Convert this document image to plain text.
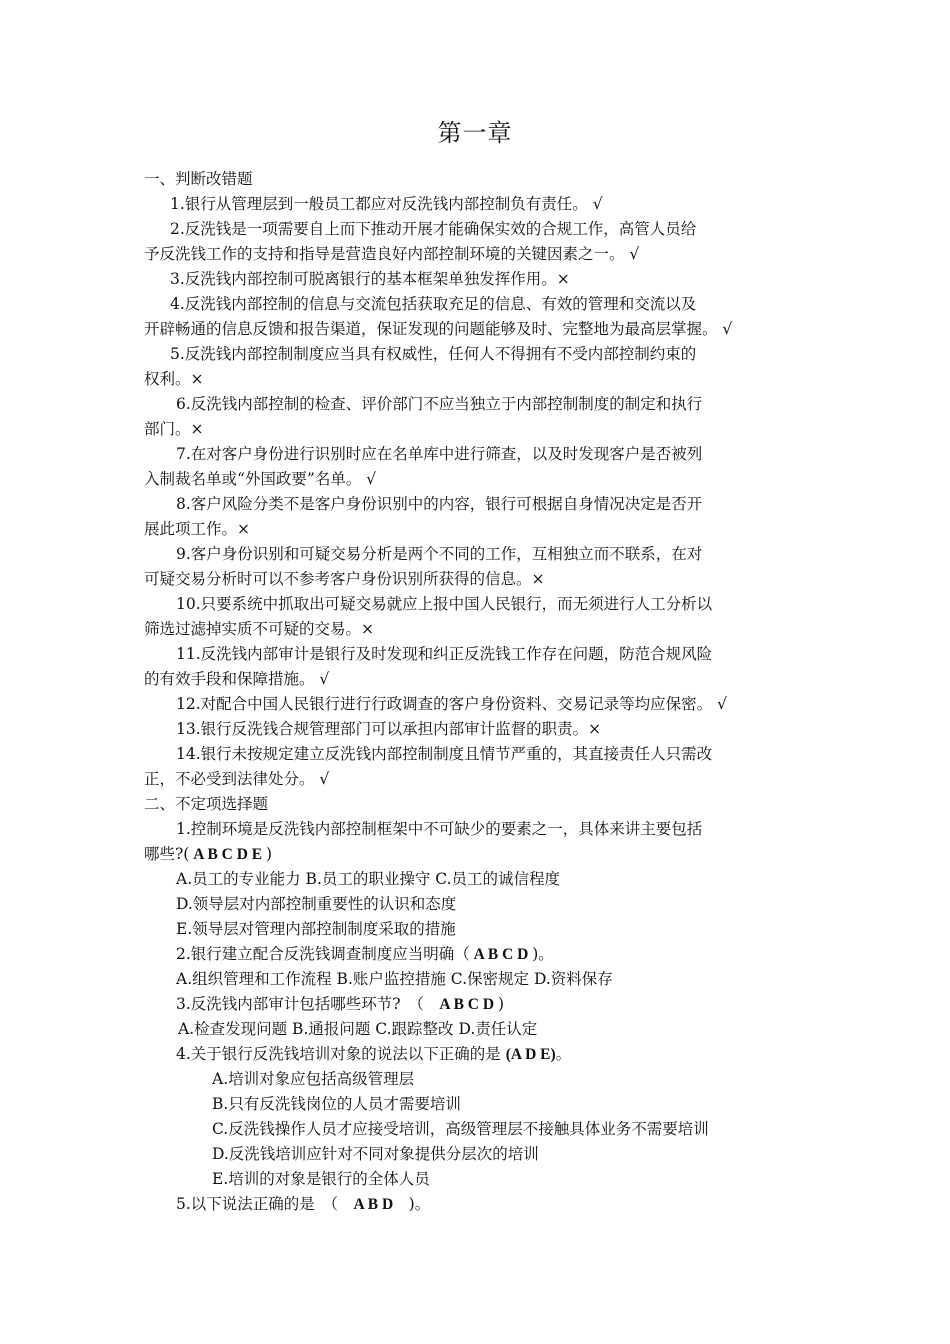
第一章
一、判断改错题
1.银行从管理层到一般员工都应对反洗钱内部控制负有责任。 √
2.反洗钱是一项需要自上而下推动开展才能确保实效的合规工作，高管人员给
予反洗钱工作的支持和指导是营造良好内部控制环境的关键因素之一。 √
3.反洗钱内部控制可脱离银行的基本框架单独发挥作用。×
4.反洗钱内部控制的信息与交流包括获取充足的信息、有效的管理和交流以及
开辟畅通的信息反馈和报告渠道，保证发现的问题能够及时、完整地为最高层掌握。 √
5.反洗钱内部控制制度应当具有权威性，任何人不得拥有不受内部控制约束的
权利。×
6.反洗钱内部控制的检查、评价部门不应当独立于内部控制制度的制定和执行
部门。×
7.在对客户身份进行识别时应在名单库中进行筛查，以及时发现客户是否被列
入制裁名单或“外国政要”名单。 √
8.客户风险分类不是客户身份识别中的内容，银行可根据自身情况决定是否开
展此项工作。×
9.客户身份识别和可疑交易分析是两个不同的工作，互相独立而不联系，在对
可疑交易分析时可以不参考客户身份识别所获得的信息。×
10.只要系统中抓取出可疑交易就应上报中国人民银行，而无须进行人工分析以
筛选过滤掉实质不可疑的交易。×
11.反洗钱内部审计是银行及时发现和纠正反洗钱工作存在问题，防范合规风险
的有效手段和保障措施。 √
12.对配合中国人民银行进行行政调查的客户身份资料、交易记录等均应保密。 √
13.银行反洗钱合规管理部门可以承担内部审计监督的职责。×
14.银行未按规定建立反洗钱内部控制制度且情节严重的，其直接责任人只需改
正，不必受到法律处分。 √
二、不定项选择题
1.控制环境是反洗钱内部控制框架中不可缺少的要素之一，具体来讲主要包括
哪些?( A B C D E )
A.员工的专业能力 B.员工的职业操守 C.员工的诚信程度
D.领导层对内部控制重要性的认识和态度
E.领导层对管理内部控制制度采取的措施
2.银行建立配合反洗钱调查制度应当明确（ A B C D )。
A.组织管理和工作流程 B.账户监控措施 C.保密规定 D.资料保存
3.反洗钱内部审计包括哪些环节?　（　A B C D )
A.检查发现问题 B.通报问题 C.跟踪整改 D.责任认定
4.关于银行反洗钱培训对象的说法以下正确的是 (A D E)。
A.培训对象应包括高级管理层
B.只有反洗钱岗位的人员才需要培训
C.反洗钱操作人员才应接受培训，高级管理层不接触具体业务不需要培训
D.反洗钱培训应针对不同对象提供分层次的培训
E.培训的对象是银行的全体人员
5.以下说法正确的是　（　A B D　)。
